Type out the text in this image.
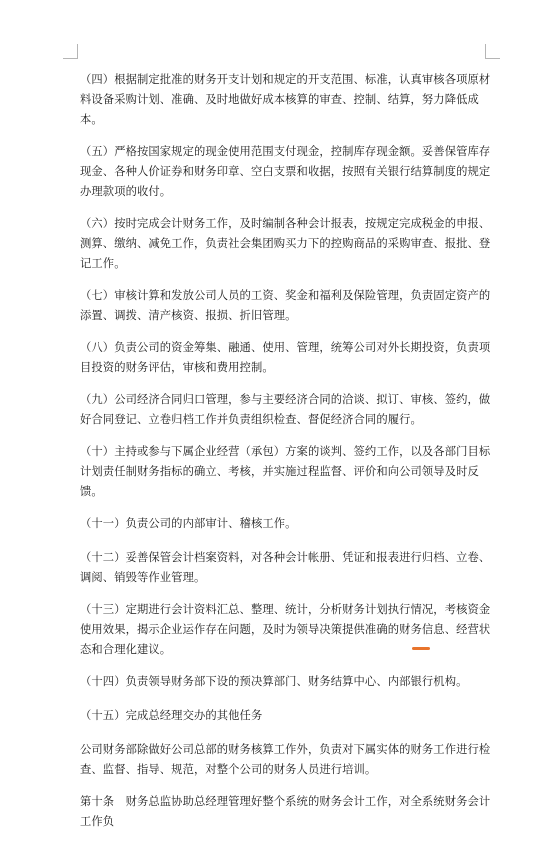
（四）根据制定批准的财务开支计划和规定的开支范围、标准，认真审核各项原材料设备采购计划、准确、及时地做好成本核算的审查、控制、结算，努力降低成本。

（五）严格按国家规定的现金使用范围支付现金，控制库存现金额。妥善保管库存现金、各种人价证券和财务印章、空白支票和收据，按照有关银行结算制度的规定办理款项的收付。

（六）按时完成会计财务工作，及时编制各种会计报表，按规定完成税金的申报、测算、缴纳、减免工作，负责社会集团购买力下的控购商品的采购审查、报批、登记工作。

（七）审核计算和发放公司人员的工资、奖金和福利及保险管理，负责固定资产的添置、调拨、清产核资、报损、折旧管理。

（八）负责公司的资金筹集、融通、使用、管理，统筹公司对外长期投资，负责项目投资的财务评估，审核和费用控制。

（九）公司经济合同归口管理，参与主要经济合同的洽谈、拟订、审核、签约，做好合同登记、立卷归档工作并负责组织检查、督促经济合同的履行。

（十）主持或参与下属企业经营（承包）方案的谈判、签约工作，以及各部门目标计划责任制财务指标的确立、考核，并实施过程监督、评价和向公司领导及时反馈。

（十一）负责公司的内部审计、稽核工作。

（十二）妥善保管会计档案资料，对各种会计帐册、凭证和报表进行归档、立卷、调阅、销毁等作业管理。

（十三）定期进行会计资料汇总、整理、统计，分析财务计划执行情况，考核资金使用效果，揭示企业运作存在问题，及时为领导决策提供准确的财务信息、经营状态和合理化建议。

（十四）负责领导财务部下设的预决算部门、财务结算中心、内部银行机构。

（十五）完成总经理交办的其他任务

公司财务部除做好公司总部的财务核算工作外，负责对下属实体的财务工作进行检查、监督、指导、规范，对整个公司的财务人员进行培训。

第十条　财务总监协助总经理管理好整个系统的财务会计工作，对全系统财务会计工作负
